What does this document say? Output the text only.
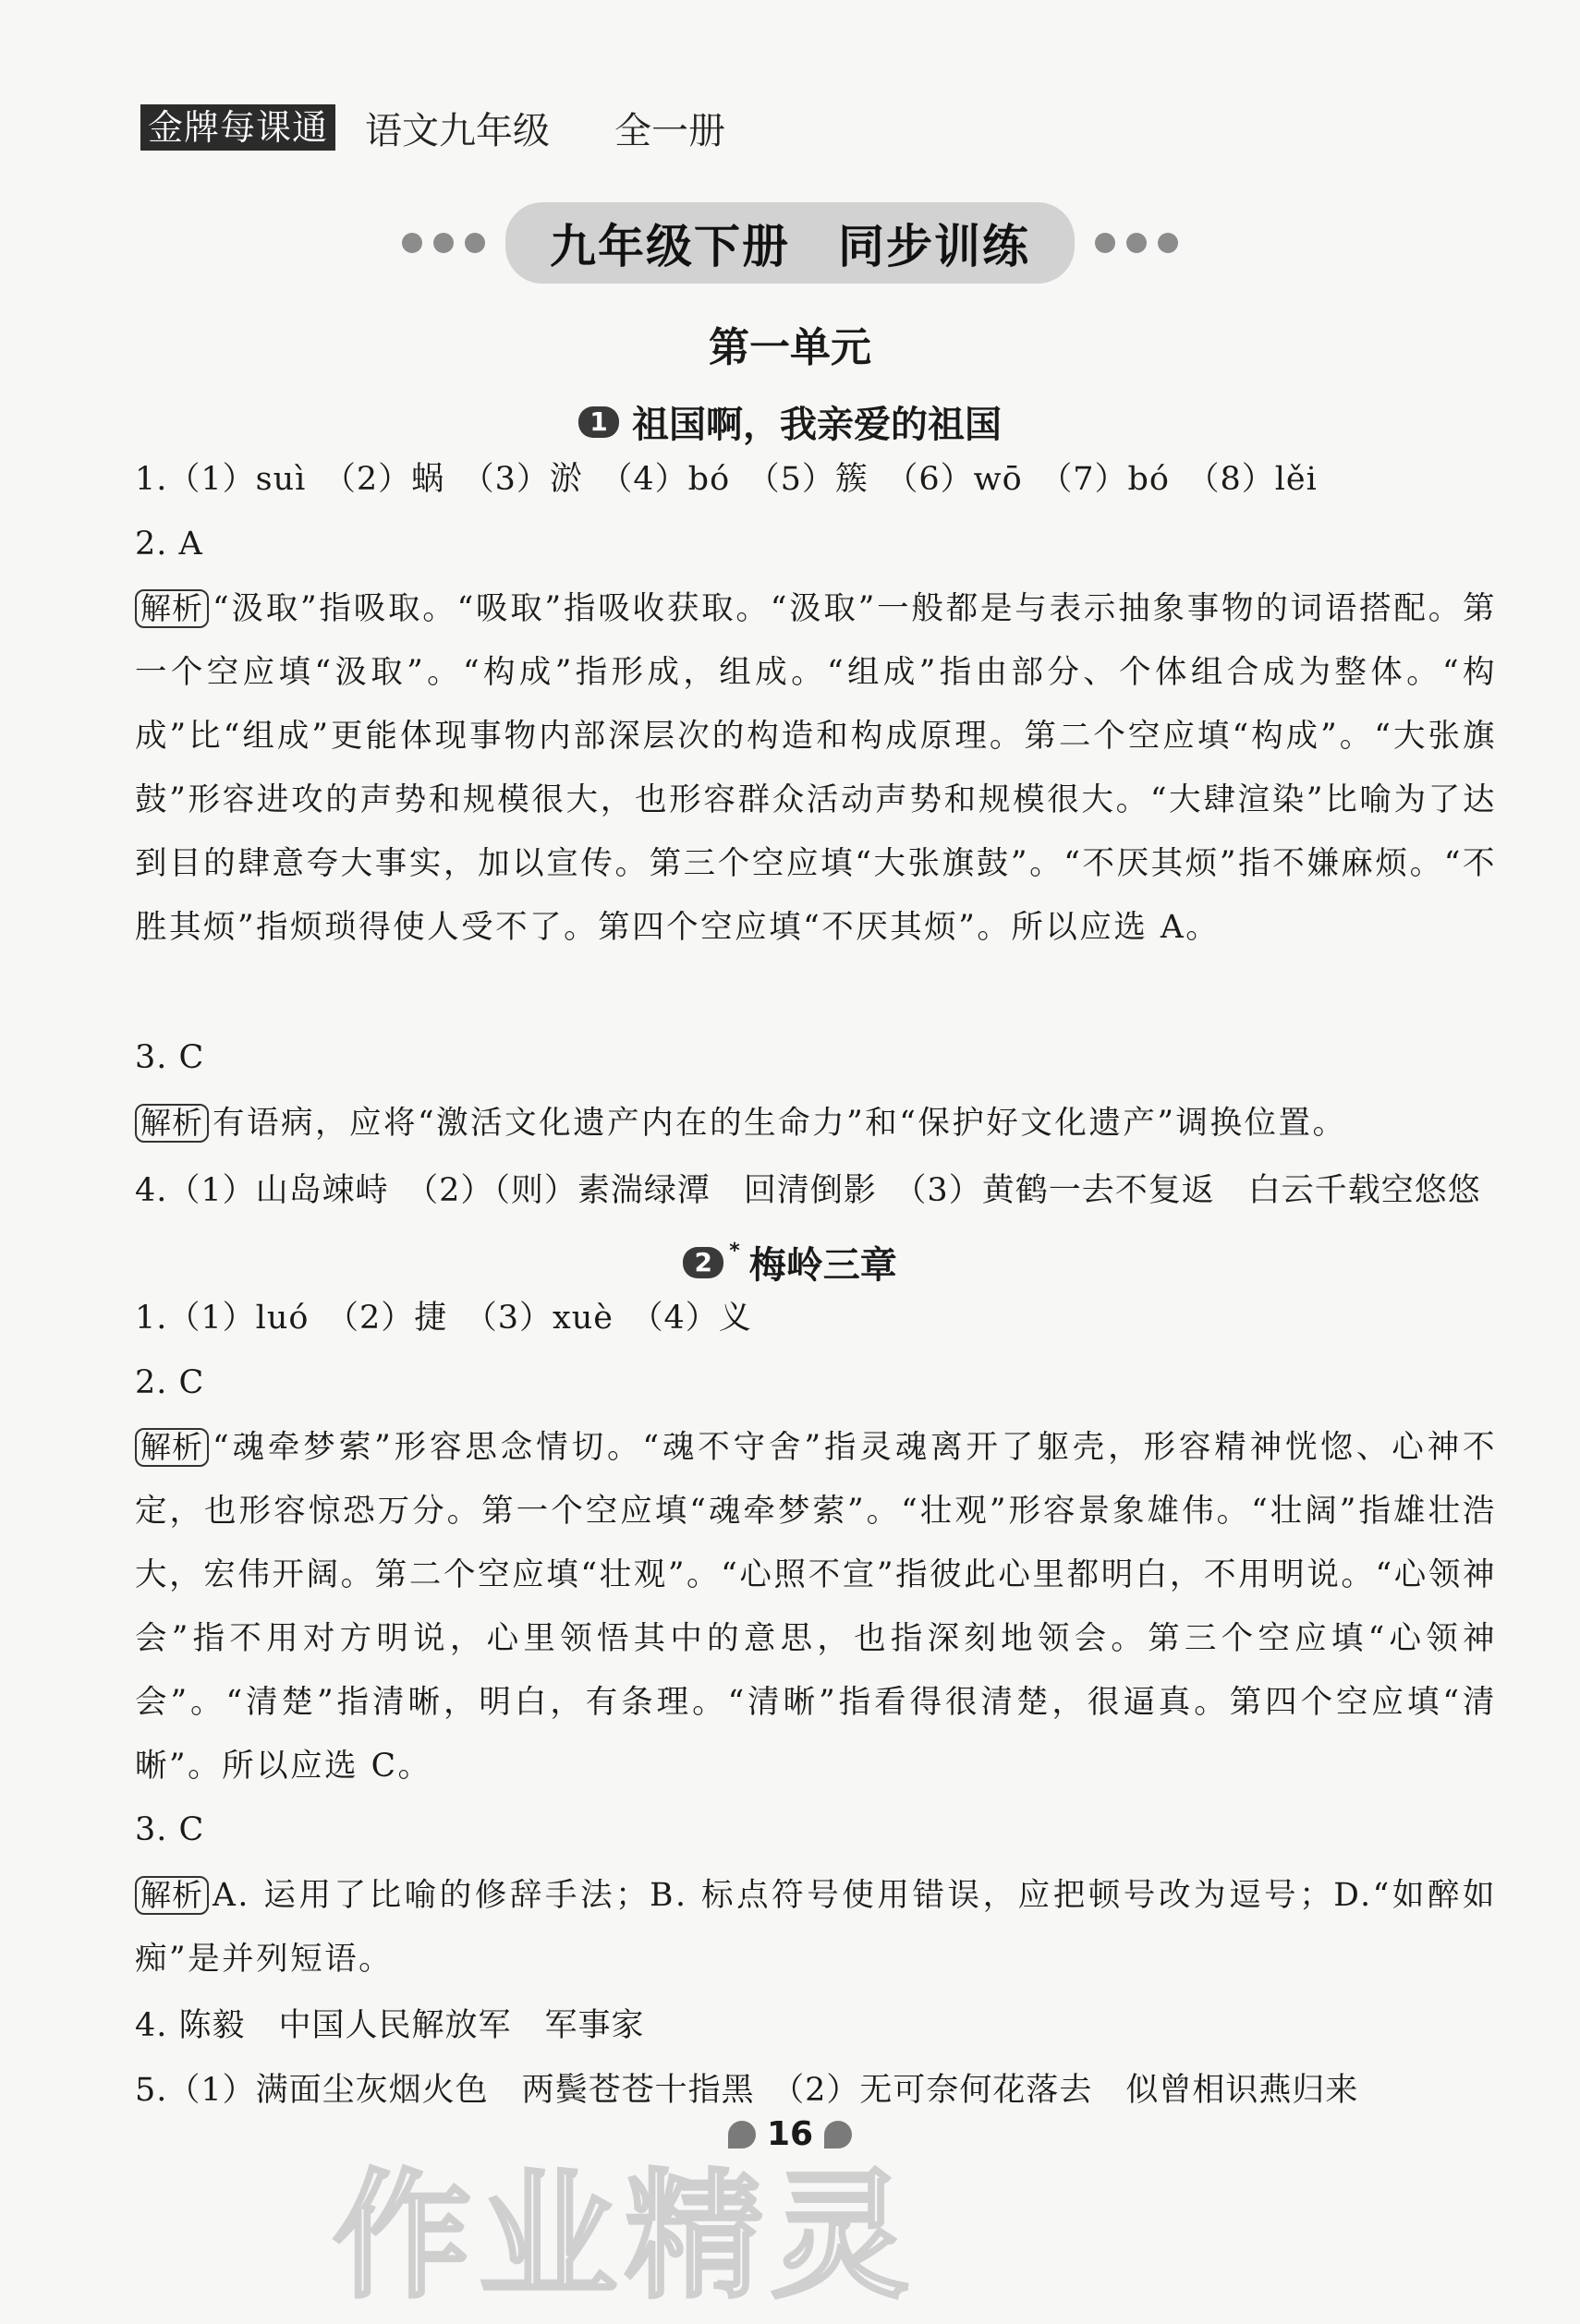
金牌每课通 语文九年级 全一册
九年级下册　同步训练
第一单元
1 祖国啊，我亲爱的祖国
1.（1）suì　（2）蜗　（3）淤　（4）bó　（5）簇　（6）wō　（7）bó　（8）lěi
2. A
解析 “汲取”指吸取。“吸取”指吸收获取。“汲取”一般都是与表示抽象事物的词语搭配。第一个空应填“汲取”。“构成”指形成，组成。“组成”指由部分、个体组合成为整体。“构成”比“组成”更能体现事物内部深层次的构造和构成原理。第二个空应填“构成”。“大张旗鼓”形容进攻的声势和规模很大，也形容群众活动声势和规模很大。“大肆渲染”比喻为了达到目的肆意夸大事实，加以宣传。第三个空应填“大张旗鼓”。“不厌其烦”指不嫌麻烦。“不胜其烦”指烦琐得使人受不了。第四个空应填“不厌其烦”。所以应选 A。
3. C
解析 有语病，应将“激活文化遗产内在的生命力”和“保护好文化遗产”调换位置。
4.（1）山岛竦峙　（2）（则）素湍绿潭　回清倒影　（3）黄鹤一去不复返　白云千载空悠悠
2 * 梅岭三章
1.（1）luó　（2）捷　（3）xuè　（4）义
2. C
解析 “魂牵梦萦”形容思念情切。“魂不守舍”指灵魂离开了躯壳，形容精神恍惚、心神不定，也形容惊恐万分。第一个空应填“魂牵梦萦”。“壮观”形容景象雄伟。“壮阔”指雄壮浩大，宏伟开阔。第二个空应填“壮观”。“心照不宣”指彼此心里都明白，不用明说。“心领神会”指不用对方明说，心里领悟其中的意思，也指深刻地领会。第三个空应填“心领神会”。“清楚”指清晰，明白，有条理。“清晰”指看得很清楚，很逼真。第四个空应填“清晰”。所以应选 C。
3. C
解析 A. 运用了比喻的修辞手法；B. 标点符号使用错误，应把顿号改为逗号；D.“如醉如痴”是并列短语。
4. 陈毅　中国人民解放军　军事家
5.（1）满面尘灰烟火色　两鬓苍苍十指黑　（2）无可奈何花落去　似曾相识燕归来
16
作业精灵
